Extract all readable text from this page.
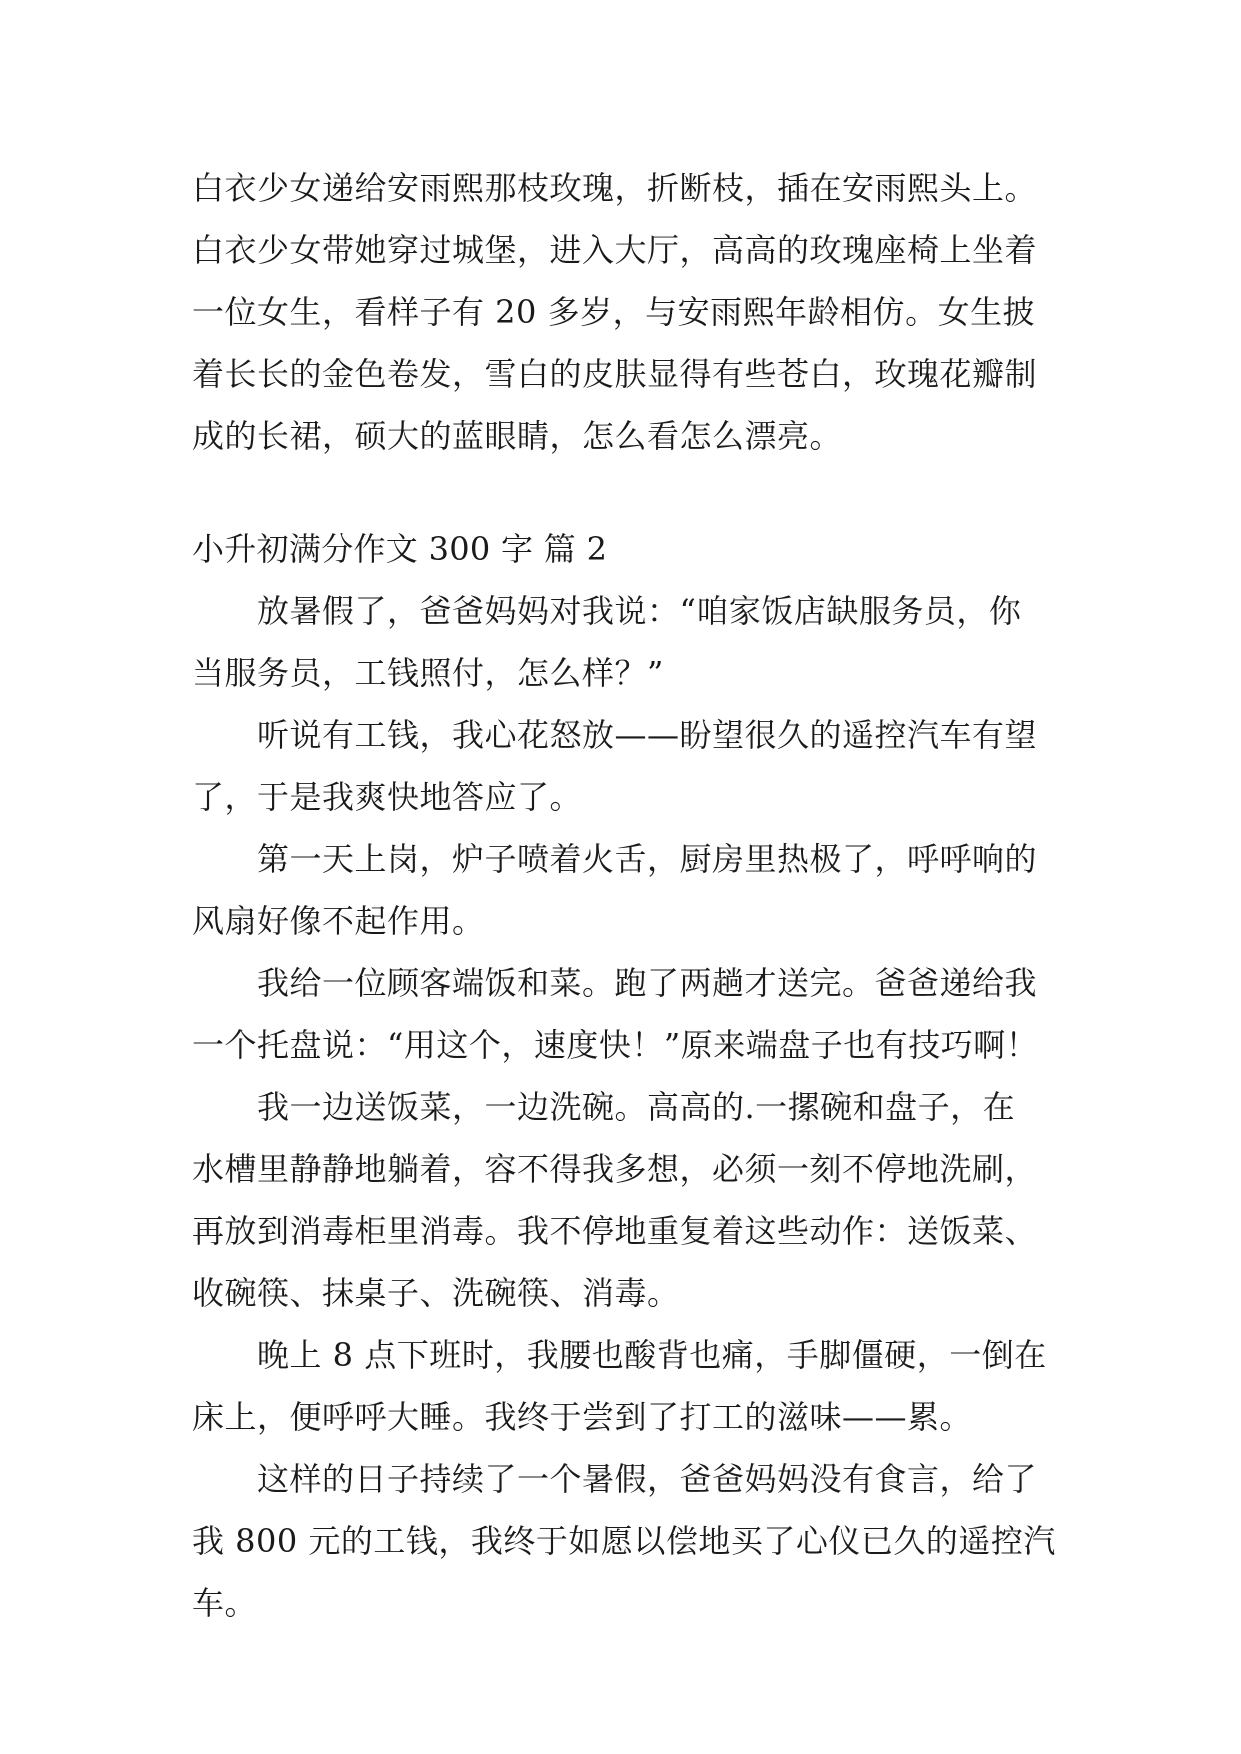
白衣少女递给安雨熙那枝玫瑰，折断枝，插在安雨熙头上。
白衣少女带她穿过城堡，进入大厅，高高的玫瑰座椅上坐着
一位女生，看样子有 20 多岁，与安雨熙年龄相仿。女生披
着长长的金色卷发，雪白的皮肤显得有些苍白，玫瑰花瓣制
成的长裙，硕大的蓝眼睛，怎么看怎么漂亮。
小升初满分作文 300 字 篇 2
放暑假了，爸爸妈妈对我说：“咱家饭店缺服务员，你
当服务员，工钱照付，怎么样？”
听说有工钱，我心花怒放——盼望很久的遥控汽车有望
了，于是我爽快地答应了。
第一天上岗，炉子喷着火舌，厨房里热极了，呼呼响的
风扇好像不起作用。
我给一位顾客端饭和菜。跑了两趟才送完。爸爸递给我
一个托盘说：“用这个，速度快！”原来端盘子也有技巧啊！
我一边送饭菜，一边洗碗。高高的.一摞碗和盘子，在
水槽里静静地躺着，容不得我多想，必须一刻不停地洗刷，
再放到消毒柜里消毒。我不停地重复着这些动作：送饭菜、
收碗筷、抹桌子、洗碗筷、消毒。
晚上 8 点下班时，我腰也酸背也痛，手脚僵硬，一倒在
床上，便呼呼大睡。我终于尝到了打工的滋味——累。
这样的日子持续了一个暑假，爸爸妈妈没有食言，给了
我 800 元的工钱，我终于如愿以偿地买了心仪已久的遥控汽
车。
